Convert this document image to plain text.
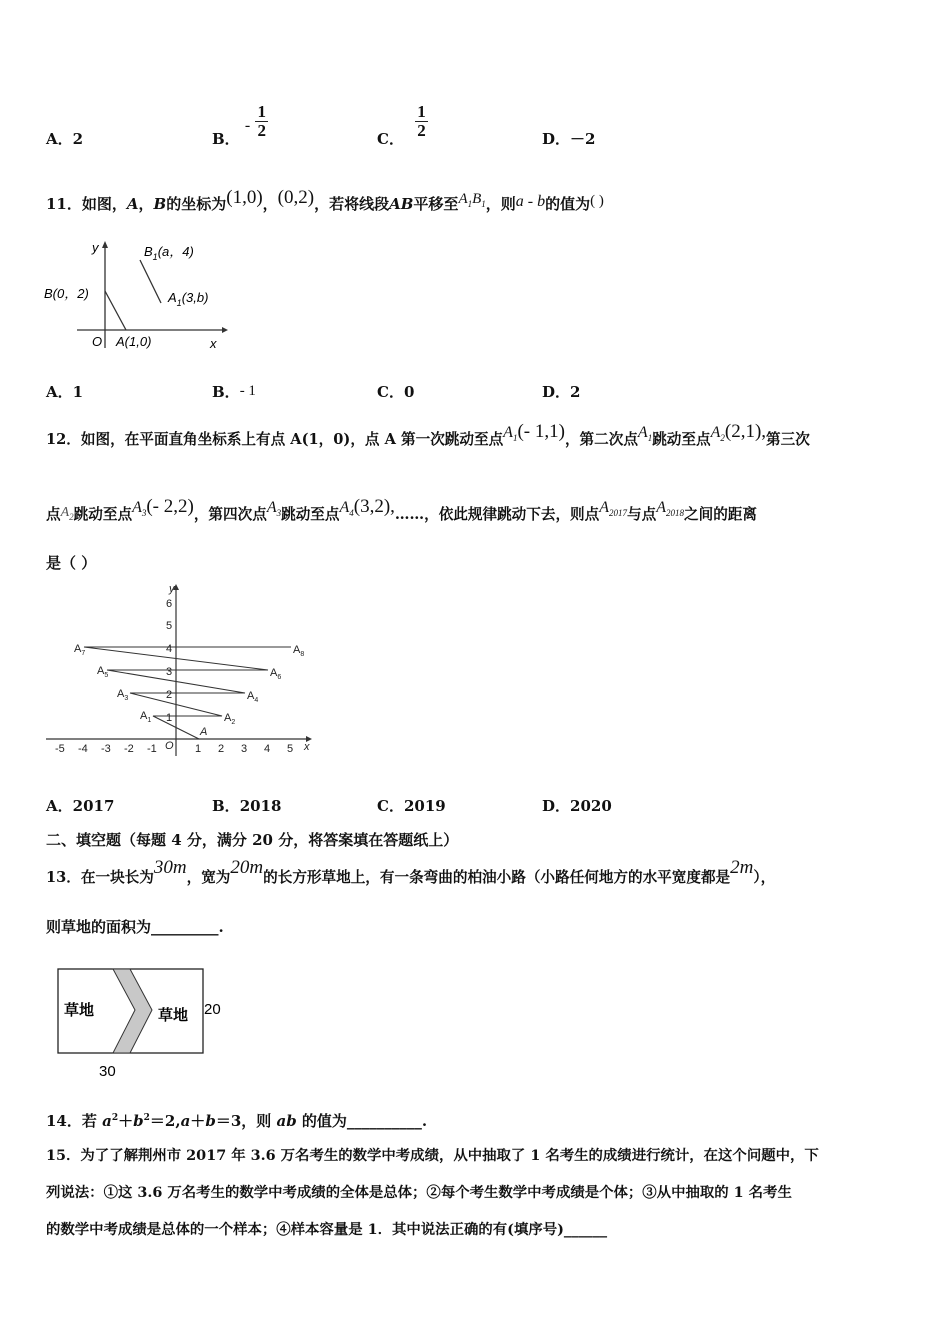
A．2	B． - $\frac{1}{2}$	C． $\frac{1}{2}$	D．－2
11．如图，A，B的坐标为(1,0)，(0,2)，若将线段AB平移至$A_1B_1$，则a - b的值为( )
y
x
O
B(0，2)
A(1,0)
$B_1(a$，4)
$A_1(3,b)$
A．1	B．- 1	C．0	D．2
12．如图，在平面直角坐标系上有点 A(1，0)，点 A 第一次跳动至点$A_1(-$ 1,1)，第二次点$A_1$跳动至点$A_2(2,1)$,第三次
点$A_2$跳动至点$A_3(-$ 2,2)，第四次点$A_3$跳动至点$A_4(3,2),\dots\dots$，依此规律跳动下去，则点$A_{2017}$与点$A_{2018}$之间的距离
是（ ）
-5 -4 -3 -2 -1 O 1 2 3 4 5 x
1
2
3
4
5
6
y
A
$A_1$	$A_2$
$A_3$	$A_4$
$A_5$	$A_6$
$A_7$	$A_8$
A．2017	B．2018	C．2019	D．2020
二、填空题（每题 4 分，满分 20 分，将答案填在答题纸上）
13．在一块长为30m，宽为20m的长方形草地上，有一条弯曲的柏油小路（小路任何地方的水平宽度都是2m），
则草地的面积为_________.
草地	草地 20
30
14．若 $a^2+b^2=2,a+b=3$，则 ab 的值为__________.
15．为了了解荆州市 2017 年 3.6 万名考生的数学中考成绩，从中抽取了 1 名考生的成绩进行统计，在这个问题中，下
列说法：①这 3.6 万名考生的数学中考成绩的全体是总体；②每个考生数学中考成绩是个体；③从中抽取的 1 名考生
的数学中考成绩是总体的一个样本；④样本容量是 1．其中说法正确的有(填序号)______
